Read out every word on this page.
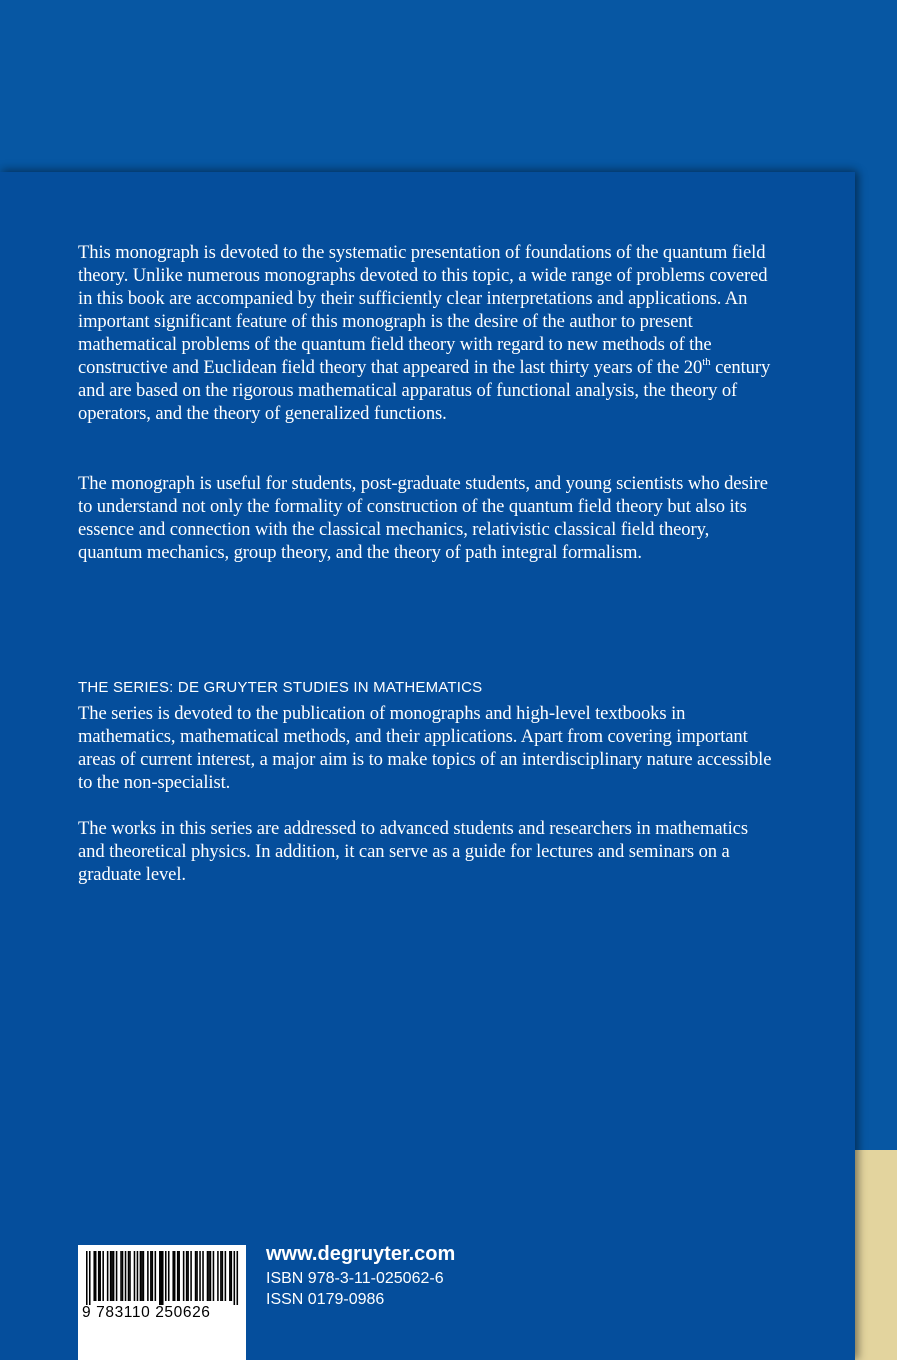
This monograph is devoted to the systematic presentation of foundations of the quantum field theory. Unlike numerous monographs devoted to this topic, a wide range of problems covered in this book are accompanied by their sufficiently clear interpretations and applications. An important significant feature of this monograph is the desire of the author to present mathematical problems of the quantum field theory with regard to new methods of the constructive and Euclidean field theory that appeared in the last thirty years of the 20th century and are based on the rigorous mathematical apparatus of functional analysis, the theory of operators, and the theory of generalized functions.

The monograph is useful for students, post-graduate students, and young scientists who desire to understand not only the formality of construction of the quantum field theory but also its essence and connection with the classical mechanics, relativistic classical field theory, quantum mechanics, group theory, and the theory of path integral formalism.

THE SERIES: DE GRUYTER STUDIES IN MATHEMATICS

The series is devoted to the publication of monographs and high-level textbooks in mathematics, mathematical methods, and their applications. Apart from covering important areas of current interest, a major aim is to make topics of an interdisciplinary nature accessible to the non-specialist.

The works in this series are addressed to advanced students and researchers in mathematics and theoretical physics. In addition, it can serve as a guide for lectures and seminars on a graduate level.

9 783110 250626

www.degruyter.com
ISBN 978-3-11-025062-6
ISSN 0179-0986
